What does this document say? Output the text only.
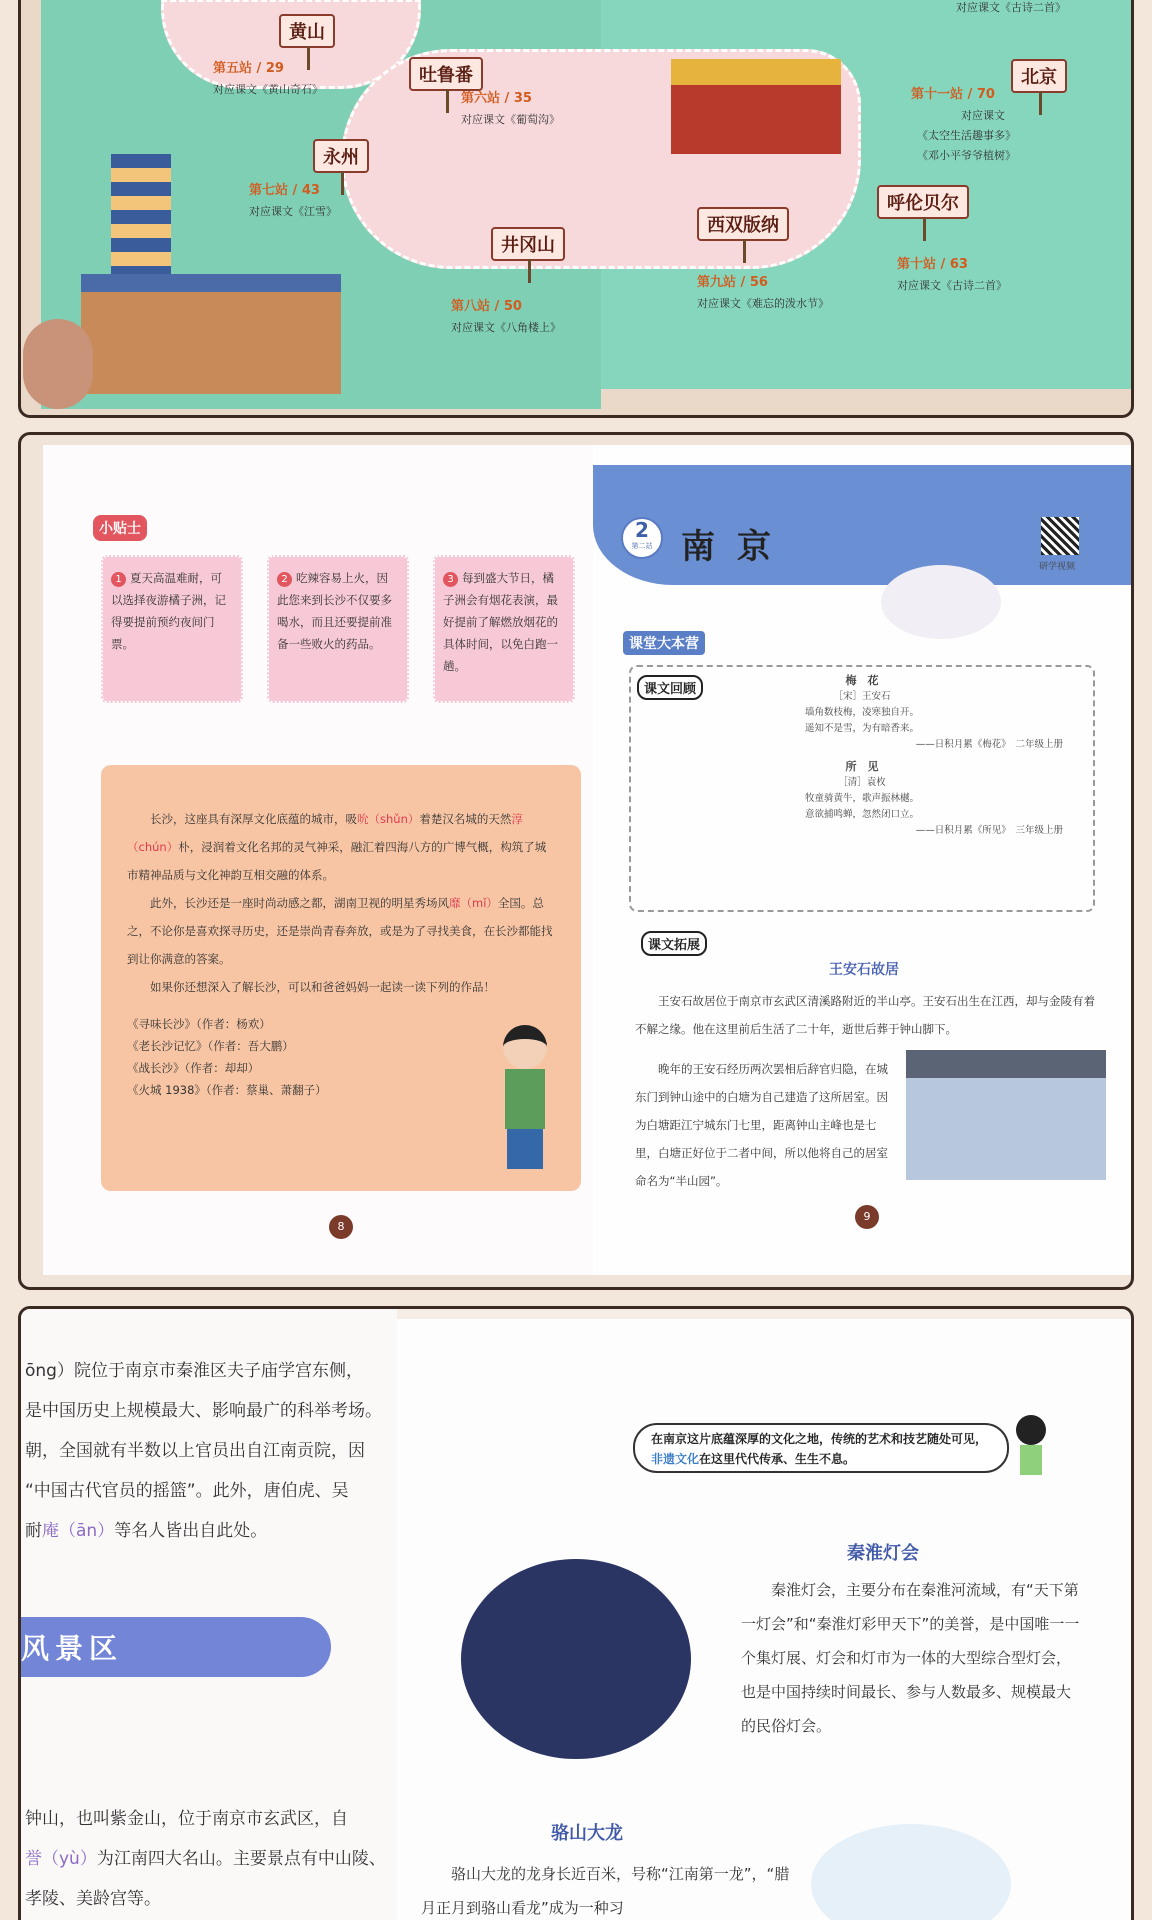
对应课文《古诗二首》
黄山
第五站 / 29
对应课文《黄山奇石》
吐鲁番
第六站 / 35
对应课文《葡萄沟》
永州
第七站 / 43
对应课文《江雪》
井冈山
第八站 / 50
对应课文《八角楼上》
北京
第十一站 / 70
对应课文
《太空生活趣事多》
《邓小平爷爷植树》
西双版纳
第九站 / 56
对应课文《难忘的泼水节》
呼伦贝尔
第十站 / 63
对应课文《古诗二首》
小贴士
1 夏天高温难耐，可以选择夜游橘子洲，记得要提前预约夜间门票。
2 吃辣容易上火，因此您来到长沙不仅要多喝水，而且还要提前准备一些败火的药品。
3 每到盛大节日，橘子洲会有烟花表演，最好提前了解燃放烟花的具体时间，以免白跑一趟。

长沙，这座具有深厚文化底蕴的城市，吸吮（shǔn）着楚汉名城的天然淳（chún）朴，浸润着文化名邦的灵气神采，融汇着四海八方的广博气概，构筑了城市精神品质与文化神韵互相交融的体系。

此外，长沙还是一座时尚动感之都，湖南卫视的明星秀场风靡（mǐ）全国。总之，不论你是喜欢探寻历史，还是崇尚青春奔放，或是为了寻找美食，在长沙都能找到让你满意的答案。

如果你还想深入了解长沙，可以和爸爸妈妈一起读一读下列的作品！

《寻味长沙》（作者：杨欢）
《老长沙记忆》（作者：吾大鹏）
《战长沙》（作者：却却）
《火城 1938》（作者：蔡巢、萧翻子）
8
2
第二站 南京	研学视频
课堂大本营
梅　花
［宋］王安石
墙角数枝梅，凌寒独自开。
遥知不是雪，为有暗香来。
——日积月累《梅花》　二年级上册
所　见
［清］袁枚
牧童骑黄牛，歌声振林樾。
意欲捕鸣蝉，忽然闭口立。
——日积月累《所见》　三年级上册
课文回顾
课文拓展
王安石故居

王安石故居位于南京市玄武区清溪路附近的半山亭。王安石出生在江西，却与金陵有着不解之缘。他在这里前后生活了二十年，逝世后葬于钟山脚下。

晚年的王安石经历两次罢相后辞官归隐，在城东门到钟山途中的白塘为自己建造了这所居室。因为白塘距江宁城东门七里，距离钟山主峰也是七里，白塘正好位于二者中间，所以他将自己的居室命名为“半山园”。

9
ōng）院位于南京市秦淮区夫子庙学宫东侧，
是中国历史上规模最大、影响最广的科举考场。
朝，全国就有半数以上官员出自江南贡院，因
“中国古代官员的摇篮”。此外，唐伯虎、吴
耐庵（ān）等名人皆出自此处。
风景区
钟山，也叫紫金山，位于南京市玄武区，自
誉（yù）为江南四大名山。主要景点有中山陵、
孝陵、美龄宫等。
在南京这片底蕴深厚的文化之地，传统的艺术和技艺随处可见，非遗文化在这里代代传承、生生不息。
秦淮灯会

秦淮灯会，主要分布在秦淮河流域，有“天下第一灯会”和“秦淮灯彩甲天下”的美誉，是中国唯一一个集灯展、灯会和灯市为一体的大型综合型灯会，也是中国持续时间最长、参与人数最多、规模最大的民俗灯会。

骆山大龙

骆山大龙的龙身长近百米，号称“江南第一龙”，“腊月正月到骆山看龙”成为一种习
